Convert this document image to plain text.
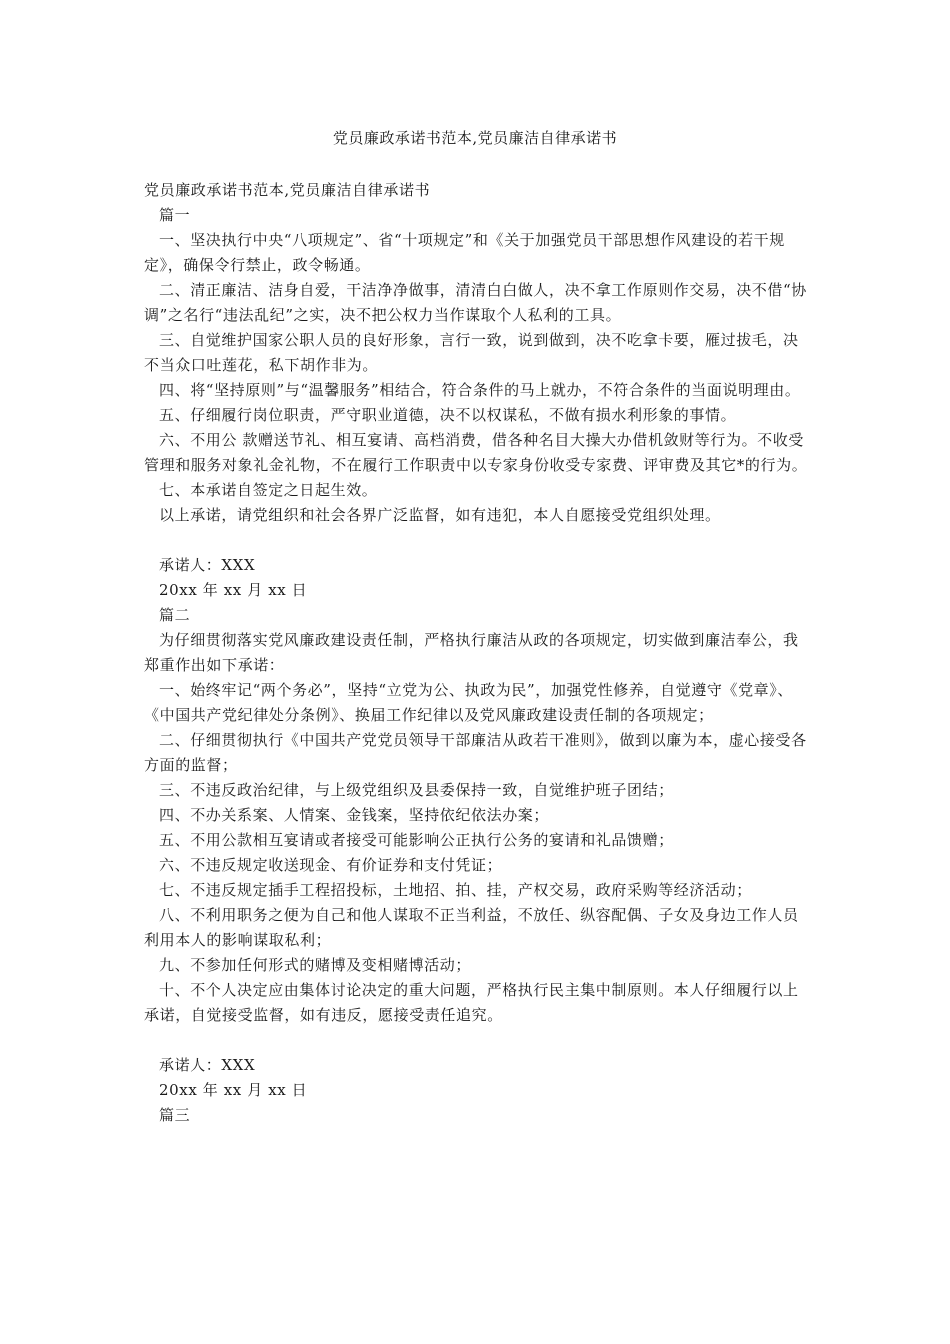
党员廉政承诺书范本,党员廉洁自律承诺书

党员廉政承诺书范本,党员廉洁自律承诺书

篇一

一、坚决执行中央“八项规定”、省“十项规定”和《关于加强党员干部思想作风建设的若干规定》，确保令行禁止，政令畅通。

二、清正廉洁、洁身自爱，干洁净净做事，清清白白做人，决不拿工作原则作交易，决不借“协调”之名行“违法乱纪”之实，决不把公权力当作谋取个人私利的工具。

三、自觉维护国家公职人员的良好形象，言行一致，说到做到，决不吃拿卡要，雁过拔毛，决不当众口吐莲花，私下胡作非为。

四、将“坚持原则”与“温馨服务”相结合，符合条件的马上就办，不符合条件的当面说明理由。

五、仔细履行岗位职责，严守职业道德，决不以权谋私，不做有损水利形象的事情。

六、不用公 款赠送节礼、相互宴请、高档消费，借各种名目大操大办借机敛财等行为。不收受管理和服务对象礼金礼物，不在履行工作职责中以专家身份收受专家费、评审费及其它*的行为。

七、本承诺自签定之日起生效。

以上承诺，请党组织和社会各界广泛监督，如有违犯，本人自愿接受党组织处理。

承诺人：XXX

20xx 年 xx 月 xx 日

篇二

为仔细贯彻落实党风廉政建设责任制，严格执行廉洁从政的各项规定，切实做到廉洁奉公，我郑重作出如下承诺：

一、始终牢记“两个务必”，坚持“立党为公、执政为民”，加强党性修养，自觉遵守《党章》、《中国共产党纪律处分条例》、换届工作纪律以及党风廉政建设责任制的各项规定；

二、仔细贯彻执行《中国共产党党员领导干部廉洁从政若干准则》，做到以廉为本，虚心接受各方面的监督；

三、不违反政治纪律，与上级党组织及县委保持一致，自觉维护班子团结；

四、不办关系案、人情案、金钱案，坚持依纪依法办案；

五、不用公款相互宴请或者接受可能影响公正执行公务的宴请和礼品馈赠；

六、不违反规定收送现金、有价证券和支付凭证；

七、不违反规定插手工程招投标，土地招、拍、挂，产权交易，政府采购等经济活动；

八、不利用职务之便为自己和他人谋取不正当利益，不放任、纵容配偶、子女及身边工作人员利用本人的影响谋取私利；

九、不参加任何形式的赌博及变相赌博活动；

十、不个人决定应由集体讨论决定的重大问题，严格执行民主集中制原则。本人仔细履行以上承诺，自觉接受监督，如有违反，愿接受责任追究。

承诺人：XXX

20xx 年 xx 月 xx 日

篇三
